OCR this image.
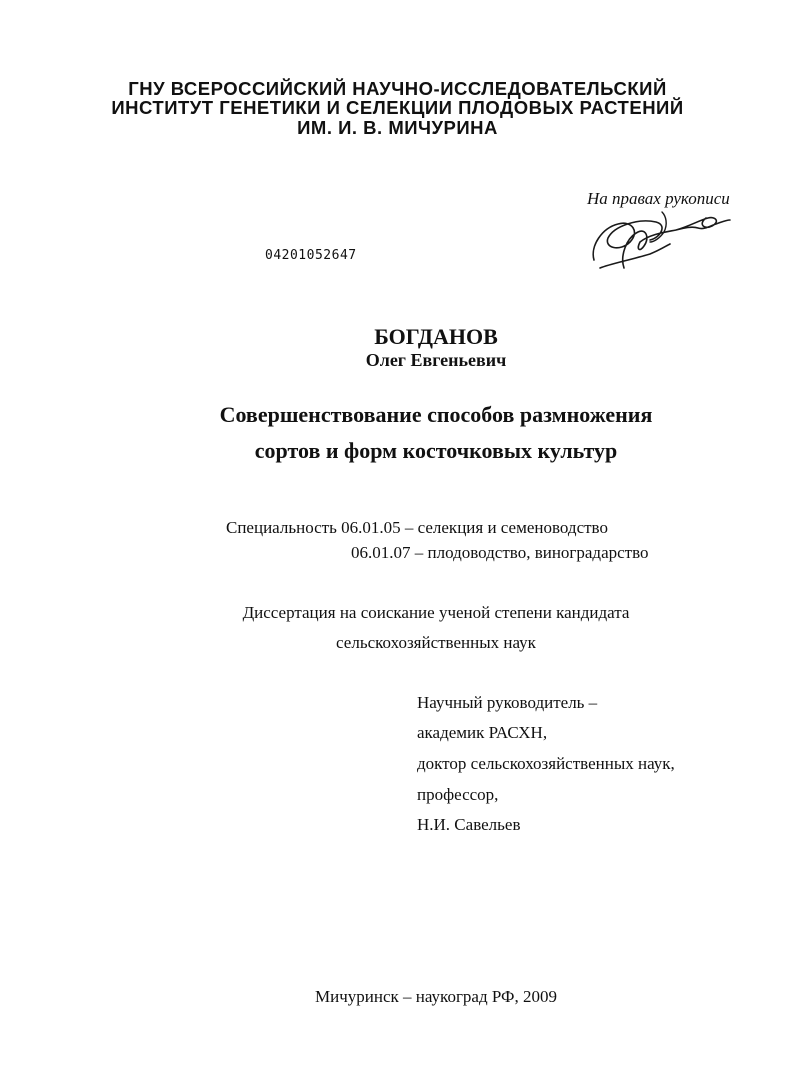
ГНУ ВСЕРОССИЙСКИЙ НАУЧНО-ИССЛЕДОВАТЕЛЬСКИЙ
ИНСТИТУТ ГЕНЕТИКИ И СЕЛЕКЦИИ ПЛОДОВЫХ РАСТЕНИЙ
ИМ. И. В. МИЧУРИНА
На правах рукописи
04201052647
БОГДАНОВ
Олег Евгеньевич
Совершенствование способов размножения
сортов и форм косточковых культур
Специальность 06.01.05 – селекция и семеноводство
06.01.07 – плодоводство, виноградарство
Диссертация на соискание ученой степени кандидата
сельскохозяйственных наук
Научный руководитель –
академик РАСХН,
доктор сельскохозяйственных наук,
профессор,
Н.И. Савельев
Мичуринск – наукоград РФ, 2009
